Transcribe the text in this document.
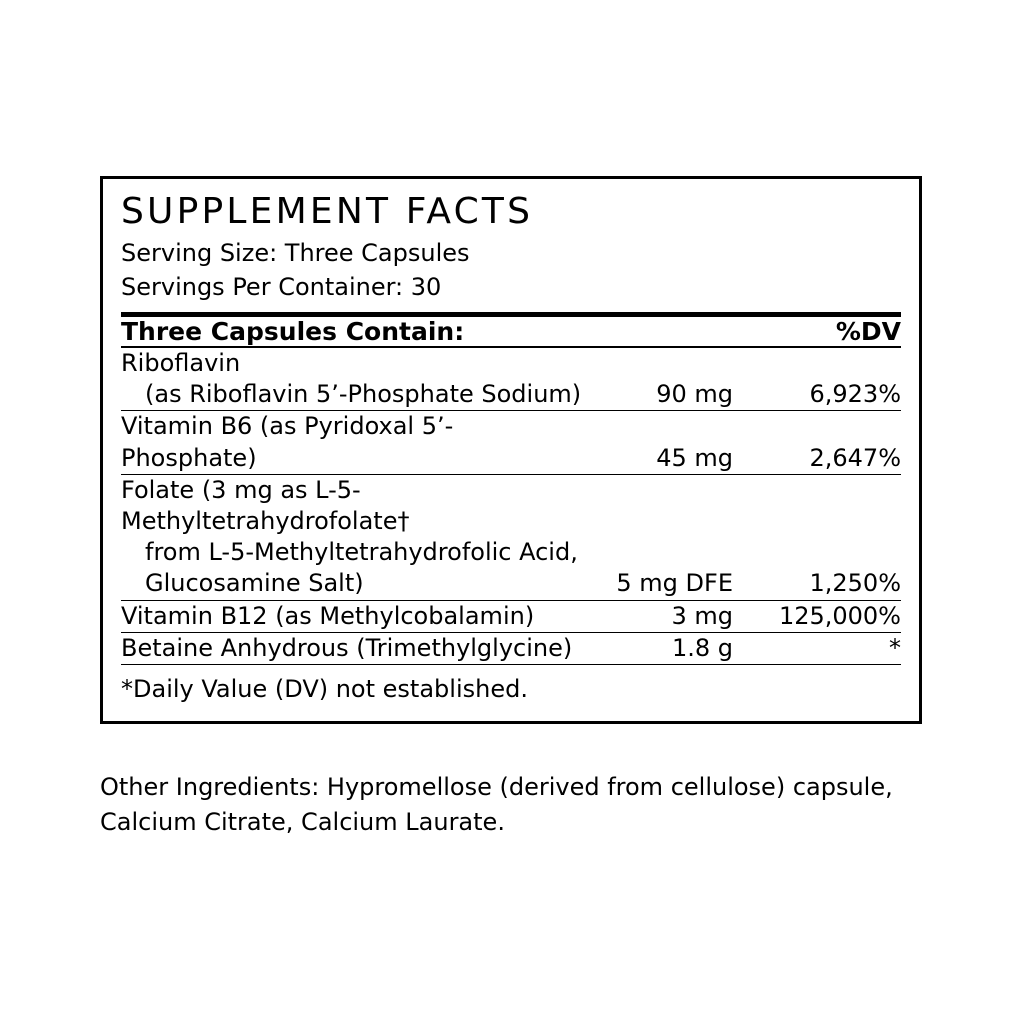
SUPPLEMENT FACTS
Serving Size: Three Capsules
Servings Per Container: 30
Three Capsules Contain:		%DV

Riboflavin
(as Riboflavin 5’-Phosphate Sodium)	90 mg	6,923%

Vitamin B6 (as Pyridoxal 5’-Phosphate)	45 mg	2,647%

Folate (3 mg as L-5-Methyltetrahydrofolate†
from L-5-Methyltetrahydrofolic Acid,
Glucosamine Salt)	5 mg DFE	1,250%

Vitamin B12 (as Methylcobalamin)	3 mg	125,000%

Betaine Anhydrous (Trimethylglycine)	1.8 g	*

*Daily Value (DV) not established.
Other Ingredients: Hypromellose (derived from cellulose) capsule, Calcium Citrate, Calcium Laurate.
